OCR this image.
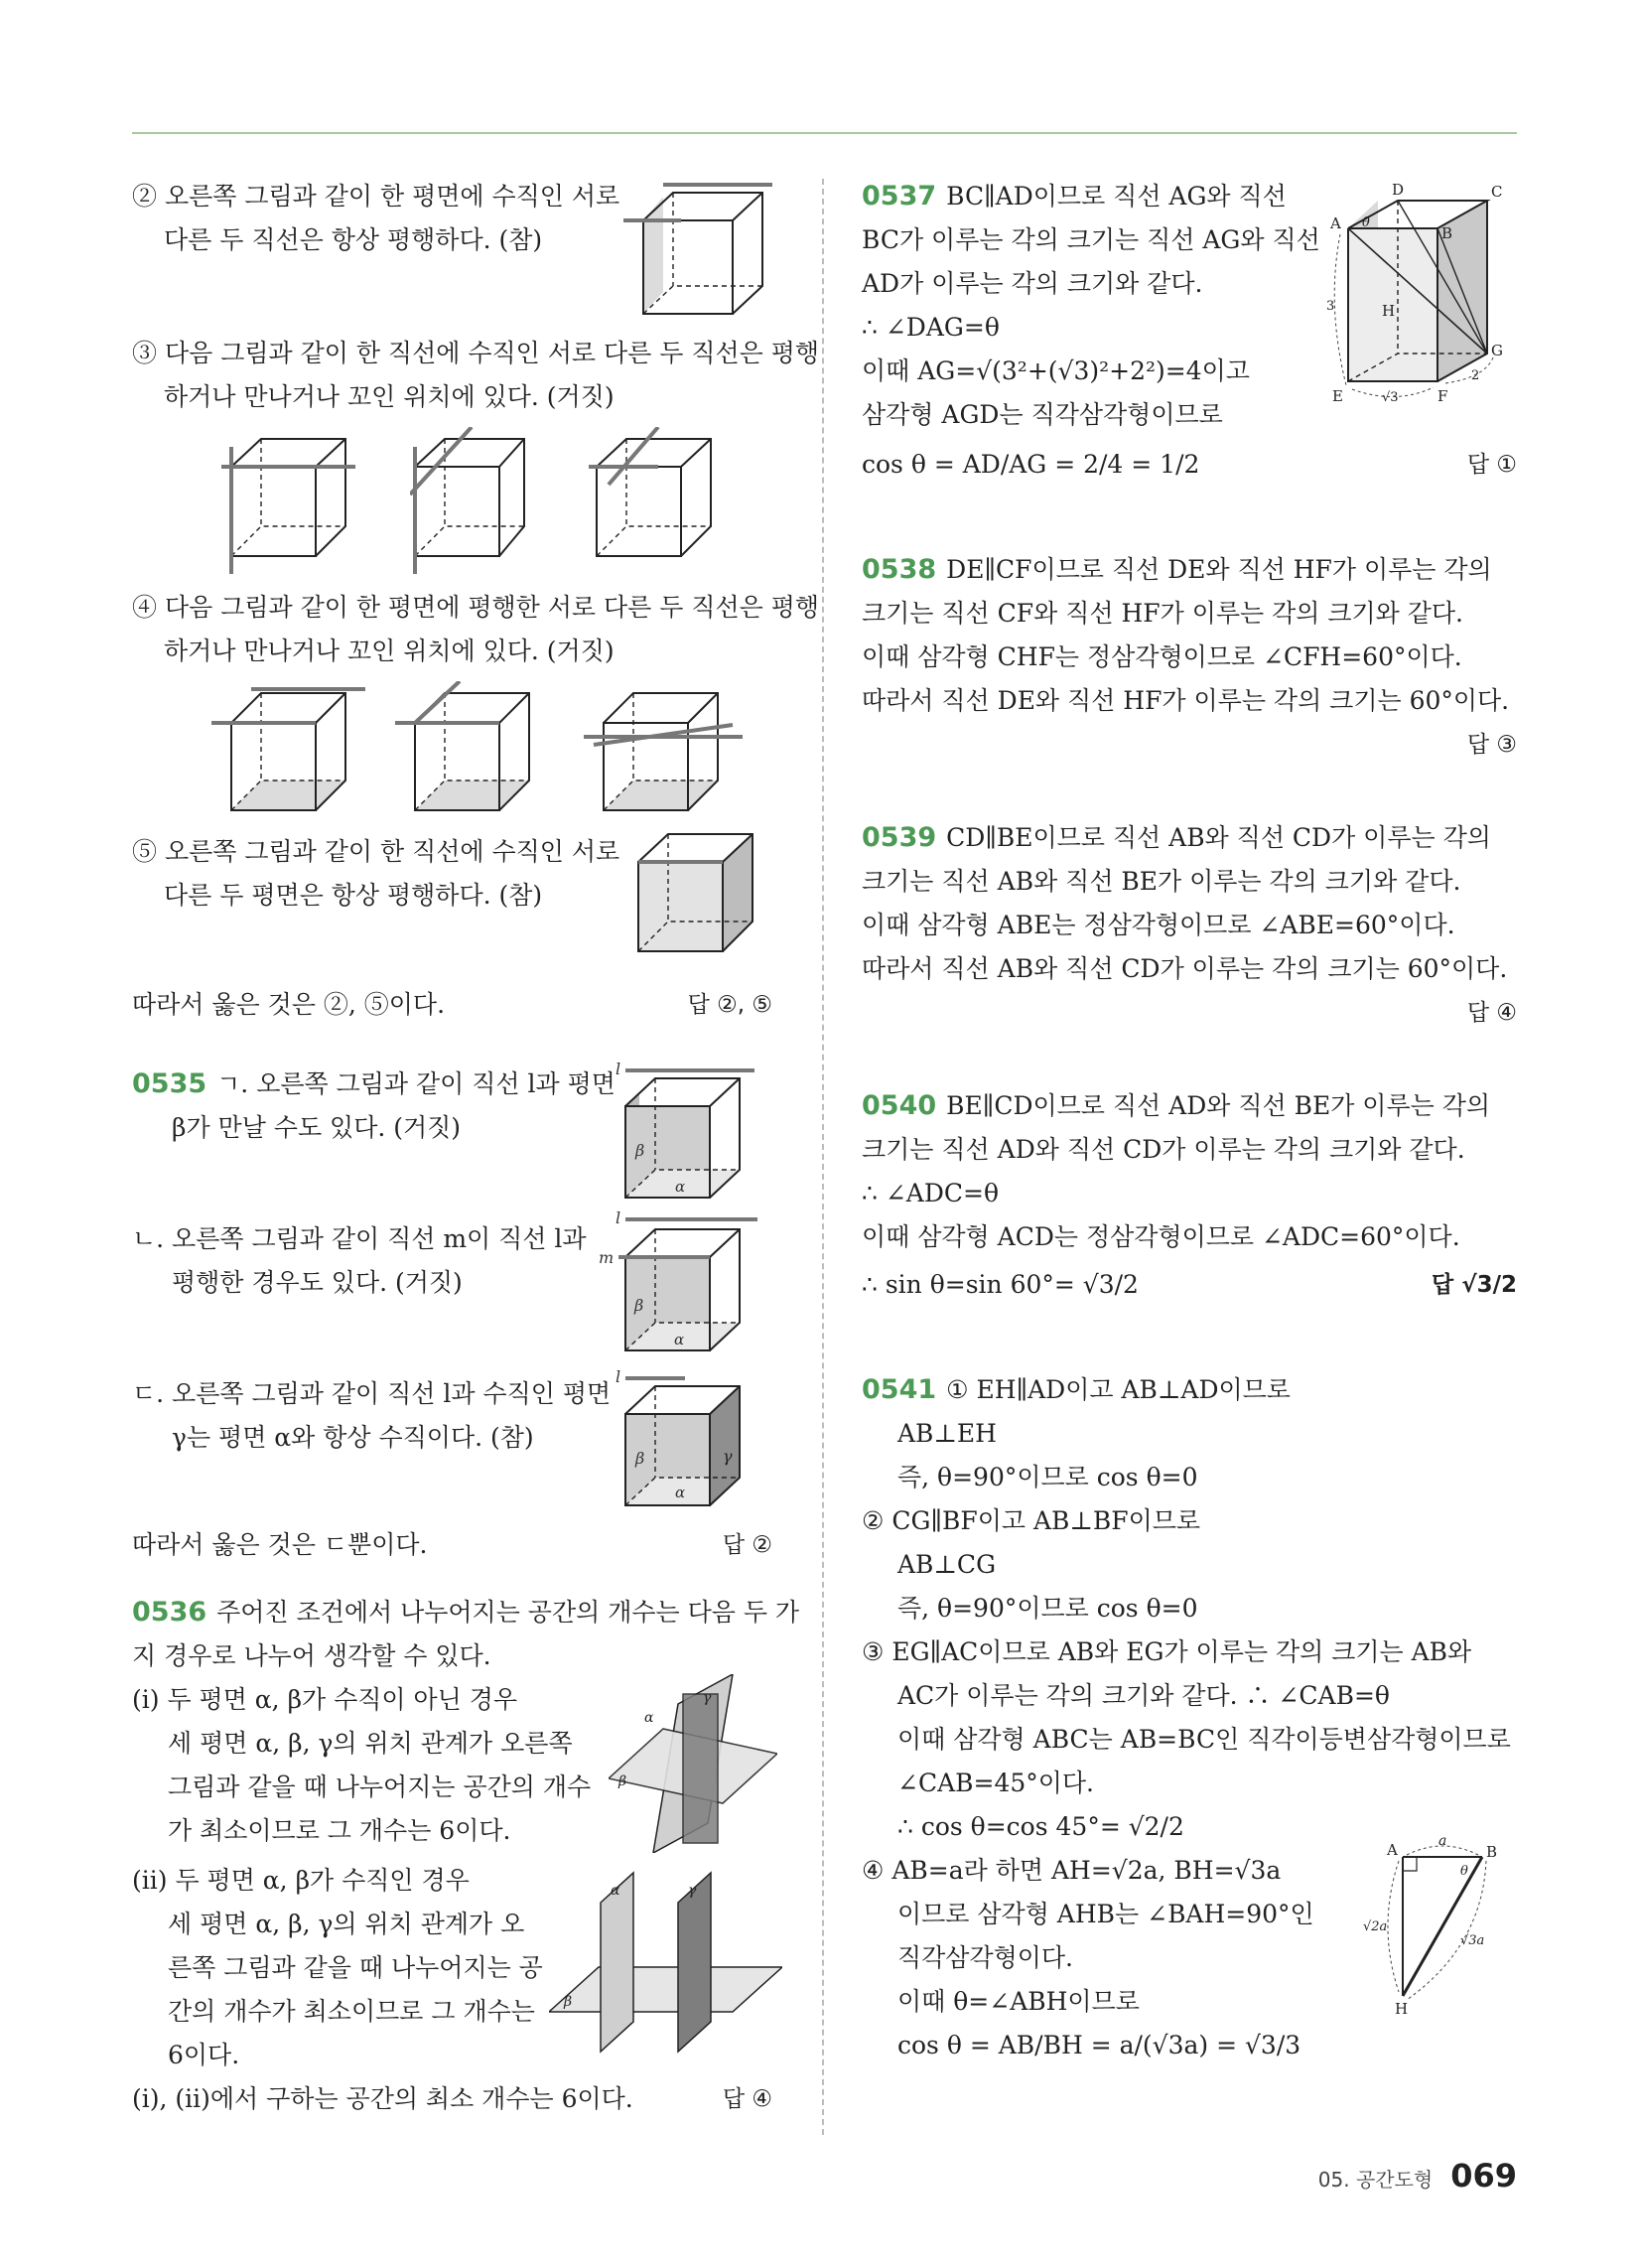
② 오른쪽 그림과 같이 한 평면에 수직인 서로
다른 두 직선은 항상 평행하다. (참)
③ 다음 그림과 같이 한 직선에 수직인 서로 다른 두 직선은 평행
하거나 만나거나 꼬인 위치에 있다. (거짓)
④ 다음 그림과 같이 한 평면에 평행한 서로 다른 두 직선은 평행
하거나 만나거나 꼬인 위치에 있다. (거짓)
⑤ 오른쪽 그림과 같이 한 직선에 수직인 서로
다른 두 평면은 항상 평행하다. (참)
따라서 옳은 것은 ②, ⑤이다.	답 ②, ⑤
0535 ㄱ. 오른쪽 그림과 같이 직선 l과 평면
β가 만날 수도 있다. (거짓)
l
β
α
ㄴ. 오른쪽 그림과 같이 직선 m이 직선 l과
평행한 경우도 있다. (거짓)
l
m
β
α
ㄷ. 오른쪽 그림과 같이 직선 l과 수직인 평면
γ는 평면 α와 항상 수직이다. (참)
l
β
α
γ
따라서 옳은 것은 ㄷ뿐이다.	답 ②
0536 주어진 조건에서 나누어지는 공간의 개수는 다음 두 가
지 경우로 나누어 생각할 수 있다.
(ⅰ) 두 평면 α, β가 수직이 아닌 경우
세 평면 α, β, γ의 위치 관계가 오른쪽
그림과 같을 때 나누어지는 공간의 개수
가 최소이므로 그 개수는 6이다.
α
γ
β
(ⅱ) 두 평면 α, β가 수직인 경우
세 평면 α, β, γ의 위치 관계가 오
른쪽 그림과 같을 때 나누어지는 공
간의 개수가 최소이므로 그 개수는
6이다.
α	γ
β
(ⅰ), (ⅱ)에서 구하는 공간의 최소 개수는 6이다.	답 ④
0537 BC∥AD이므로 직선 AG와 직선
BC가 이루는 각의 크기는 직선 AG와 직선
AD가 이루는 각의 크기와 같다.
∴ ∠DAG=θ
이때 AG=√(3²+(√3)²+2²)=4이고
삼각형 AGD는 직각삼각형이므로
cos θ = AD/AG = 2/4 = 1/2	답 ①
D	C
A
B
θ
H
G
E	F
3
2
√3
0538 DE∥CF이므로 직선 DE와 직선 HF가 이루는 각의
크기는 직선 CF와 직선 HF가 이루는 각의 크기와 같다.
이때 삼각형 CHF는 정삼각형이므로 ∠CFH=60°이다.
따라서 직선 DE와 직선 HF가 이루는 각의 크기는 60°이다.
답 ③
0539 CD∥BE이므로 직선 AB와 직선 CD가 이루는 각의
크기는 직선 AB와 직선 BE가 이루는 각의 크기와 같다.
이때 삼각형 ABE는 정삼각형이므로 ∠ABE=60°이다.
따라서 직선 AB와 직선 CD가 이루는 각의 크기는 60°이다.
답 ④
0540 BE∥CD이므로 직선 AD와 직선 BE가 이루는 각의
크기는 직선 AD와 직선 CD가 이루는 각의 크기와 같다.
∴ ∠ADC=θ
이때 삼각형 ACD는 정삼각형이므로 ∠ADC=60°이다.
∴ sin θ=sin 60°= √3/2	답 √3/2
0541 ① EH∥AD이고 AB⊥AD이므로
AB⊥EH
즉, θ=90°이므로 cos θ=0
② CG∥BF이고 AB⊥BF이므로
AB⊥CG
즉, θ=90°이므로 cos θ=0
③ EG∥AC이므로 AB와 EG가 이루는 각의 크기는 AB와
AC가 이루는 각의 크기와 같다. ∴ ∠CAB=θ
이때 삼각형 ABC는 AB=BC인 직각이등변삼각형이므로
∠CAB=45°이다.
∴ cos θ=cos 45°= √2/2
④ AB=a라 하면 AH=√2a, BH=√3a
이므로 삼각형 AHB는 ∠BAH=90°인
직각삼각형이다.
이때 θ=∠ABH이므로
cos θ = AB/BH = a/(√3a) = √3/3
A	B
H
a
θ
√2a
√3a
05. 공간도형 069
